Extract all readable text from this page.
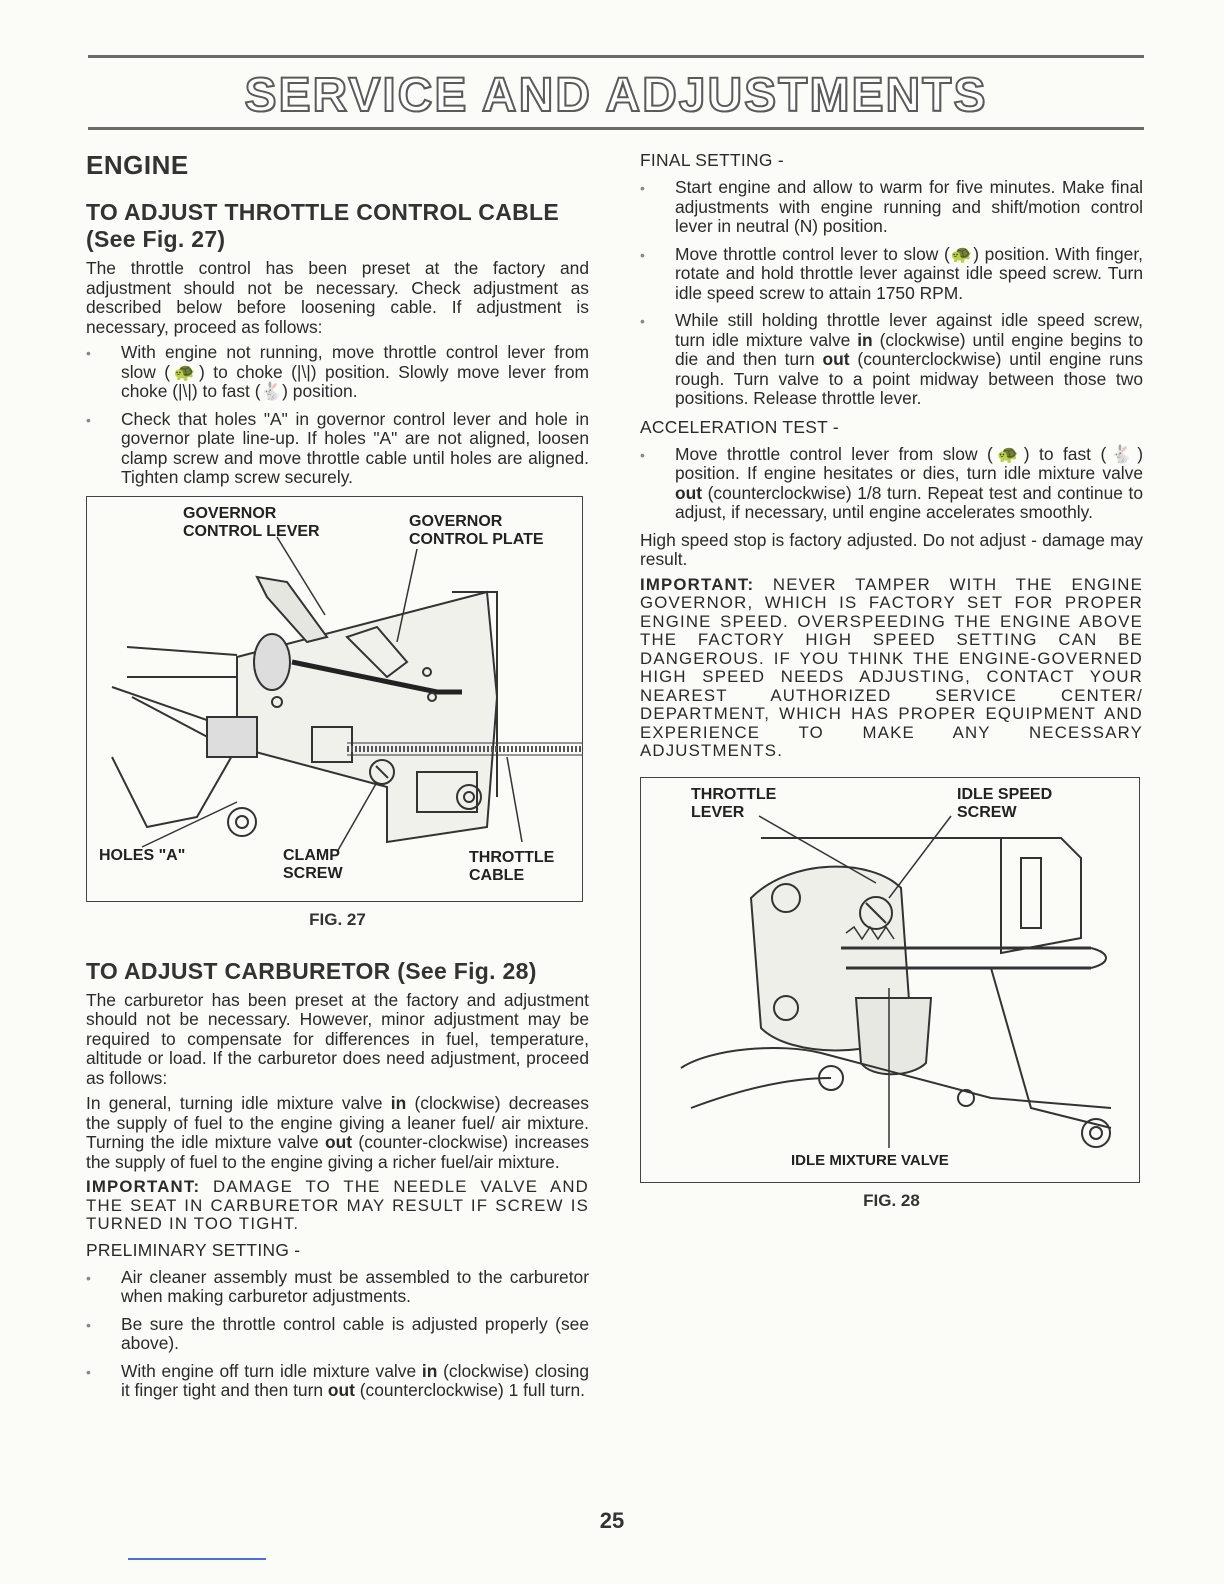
SERVICE AND ADJUSTMENTS
ENGINE
TO ADJUST THROTTLE CONTROL CABLE
(See Fig. 27)

The throttle control has been preset at the factory and adjustment should not be necessary. Check adjustment as described below before loosening cable. If adjustment is necessary, proceed as follows:

• With engine not running, move throttle control lever from slow (🐢) to choke (|\|) position. Slowly move lever from choke (|\|) to fast (🐇) position.
• Check that holes "A" in governor control lever and hole in governor plate line-up. If holes "A" are not aligned, loosen clamp screw and move throttle cable until holes are aligned. Tighten clamp screw securely.
GOVERNOR
CONTROL LEVER
GOVERNOR
CONTROL PLATE
HOLES "A"	CLAMP
SCREW
THROTTLE
CABLE
FIG. 27
TO ADJUST CARBURETOR (See Fig. 28)

The carburetor has been preset at the factory and adjustment should not be necessary. However, minor adjustment may be required to compensate for differences in fuel, temperature, altitude or load. If the carburetor does need adjustment, proceed as follows:

In general, turning idle mixture valve in (clockwise) decreases the supply of fuel to the engine giving a leaner fuel/ air mixture. Turning the idle mixture valve out (counter-clockwise) increases the supply of fuel to the engine giving a richer fuel/air mixture.

IMPORTANT: DAMAGE TO THE NEEDLE VALVE AND THE SEAT IN CARBURETOR MAY RESULT IF SCREW IS TURNED IN TOO TIGHT.

PRELIMINARY SETTING -
• Air cleaner assembly must be assembled to the carburetor when making carburetor adjustments.
• Be sure the throttle control cable is adjusted properly (see above).
• With engine off turn idle mixture valve in (clockwise) closing it finger tight and then turn out (counterclockwise) 1 full turn.
FINAL SETTING -
• Start engine and allow to warm for five minutes. Make final adjustments with engine running and shift/motion control lever in neutral (N) position.
• Move throttle control lever to slow (🐢) position. With finger, rotate and hold throttle lever against idle speed screw. Turn idle speed screw to attain 1750 RPM.
• While still holding throttle lever against idle speed screw, turn idle mixture valve in (clockwise) until engine begins to die and then turn out (counterclockwise) until engine runs rough. Turn valve to a point midway between those two positions. Release throttle lever.
ACCELERATION TEST -
• Move throttle control lever from slow (🐢) to fast (🐇) position. If engine hesitates or dies, turn idle mixture valve out (counterclockwise) 1/8 turn. Repeat test and continue to adjust, if necessary, until engine accelerates smoothly.

High speed stop is factory adjusted. Do not adjust - damage may result.

IMPORTANT: NEVER TAMPER WITH THE ENGINE GOVERNOR, WHICH IS FACTORY SET FOR PROPER ENGINE SPEED. OVERSPEEDING THE ENGINE ABOVE THE FACTORY HIGH SPEED SETTING CAN BE DANGEROUS. IF YOU THINK THE ENGINE-GOVERNED HIGH SPEED NEEDS ADJUSTING, CONTACT YOUR NEAREST AUTHORIZED SERVICE CENTER/ DEPARTMENT, WHICH HAS PROPER EQUIPMENT AND EXPERIENCE TO MAKE ANY NECESSARY ADJUSTMENTS.

THROTTLE
LEVER
IDLE SPEED
SCREW
IDLE MIXTURE VALVE
FIG. 28
25
